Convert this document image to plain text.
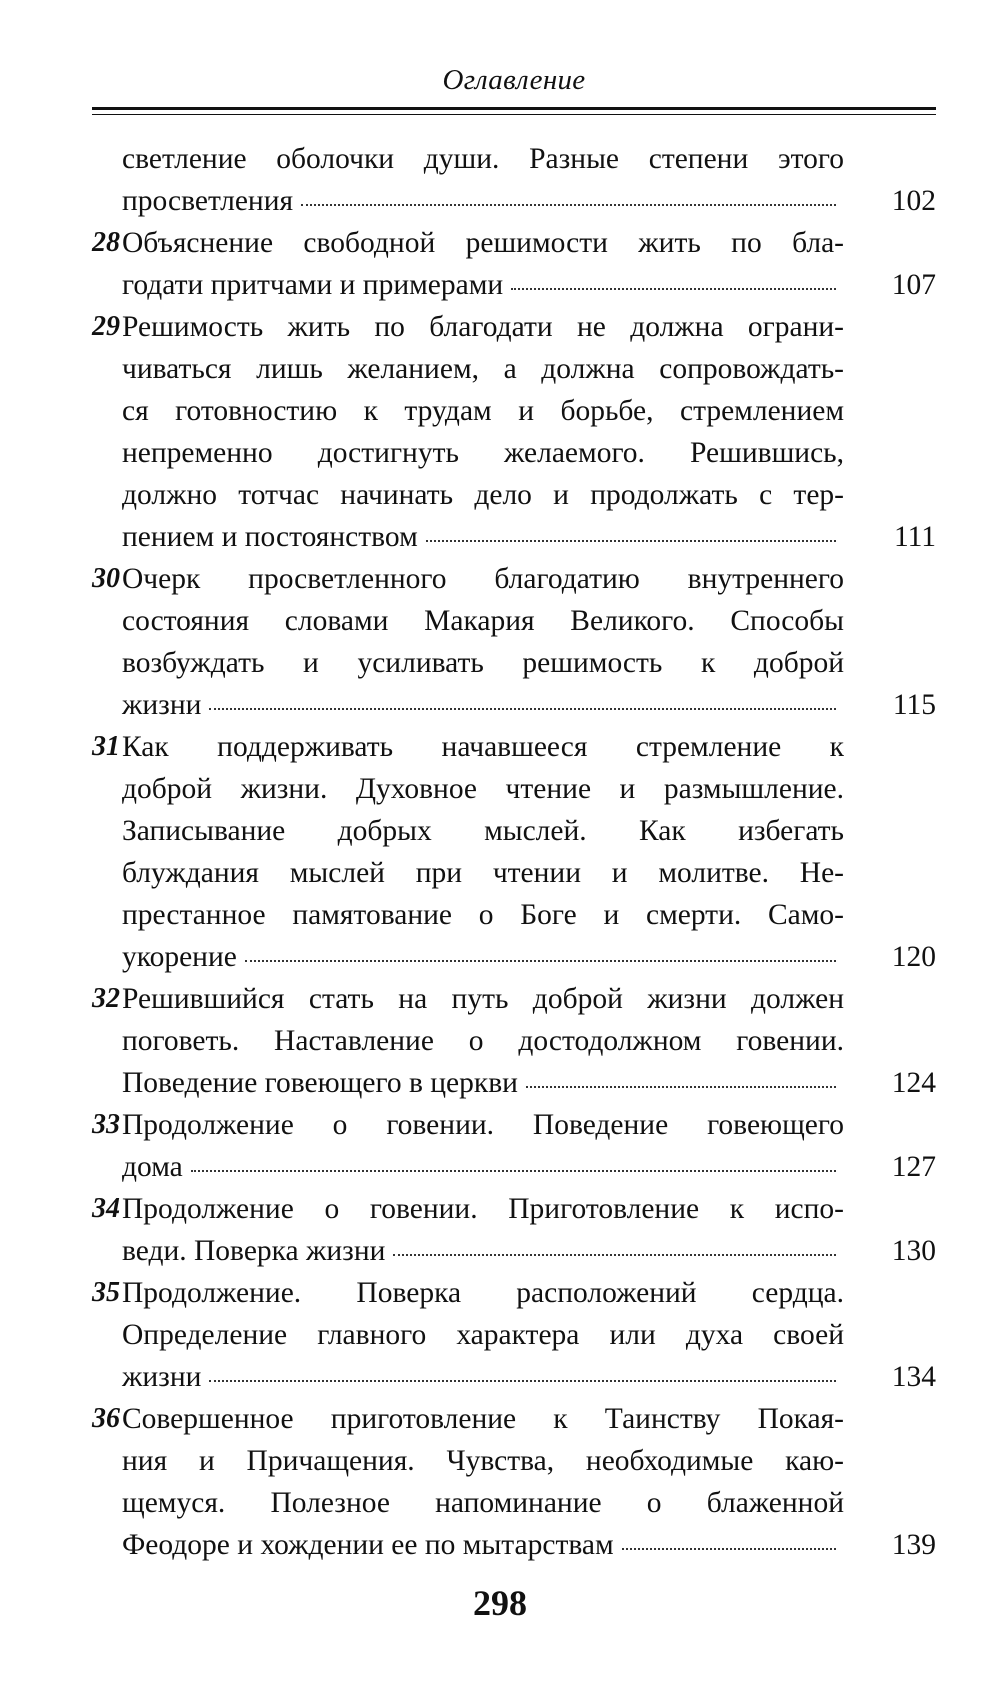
Оглавление
светление оболочки души. Разные степени этого
просветления	102
28 Объяснение свободной решимости жить по бла-
годати притчами и примерами	107
29 Решимость жить по благодати не должна ограни-
чиваться лишь желанием, а должна сопровождать-
ся готовностию к трудам и борьбе, стремлением
непременно достигнуть желаемого. Решившись,
должно тотчас начинать дело и продолжать с тер-
пением и постоянством	111
30 Очерк просветленного благодатию внутреннего
состояния словами Макария Великого. Способы
возбуждать и усиливать решимость к доброй
жизни	115
31 Как поддерживать начавшееся стремление к
доброй жизни. Духовное чтение и размышление.
Записывание добрых мыслей. Как избегать
блуждания мыслей при чтении и молитве. Не-
престанное памятование о Боге и смерти. Само-
укорение	120
32 Решившийся стать на путь доброй жизни должен
поговеть. Наставление о достодолжном говении.
Поведение говеющего в церкви	124
33 Продолжение о говении. Поведение говеющего
дома	127
34 Продолжение о говении. Приготовление к испо-
веди. Поверка жизни	130
35 Продолжение. Поверка расположений сердца.
Определение главного характера или духа своей
жизни	134
36 Совершенное приготовление к Таинству Покая-
ния и Причащения. Чувства, необходимые каю-
щемуся. Полезное напоминание о блаженной
Феодоре и хождении ее по мытарствам	139
298
